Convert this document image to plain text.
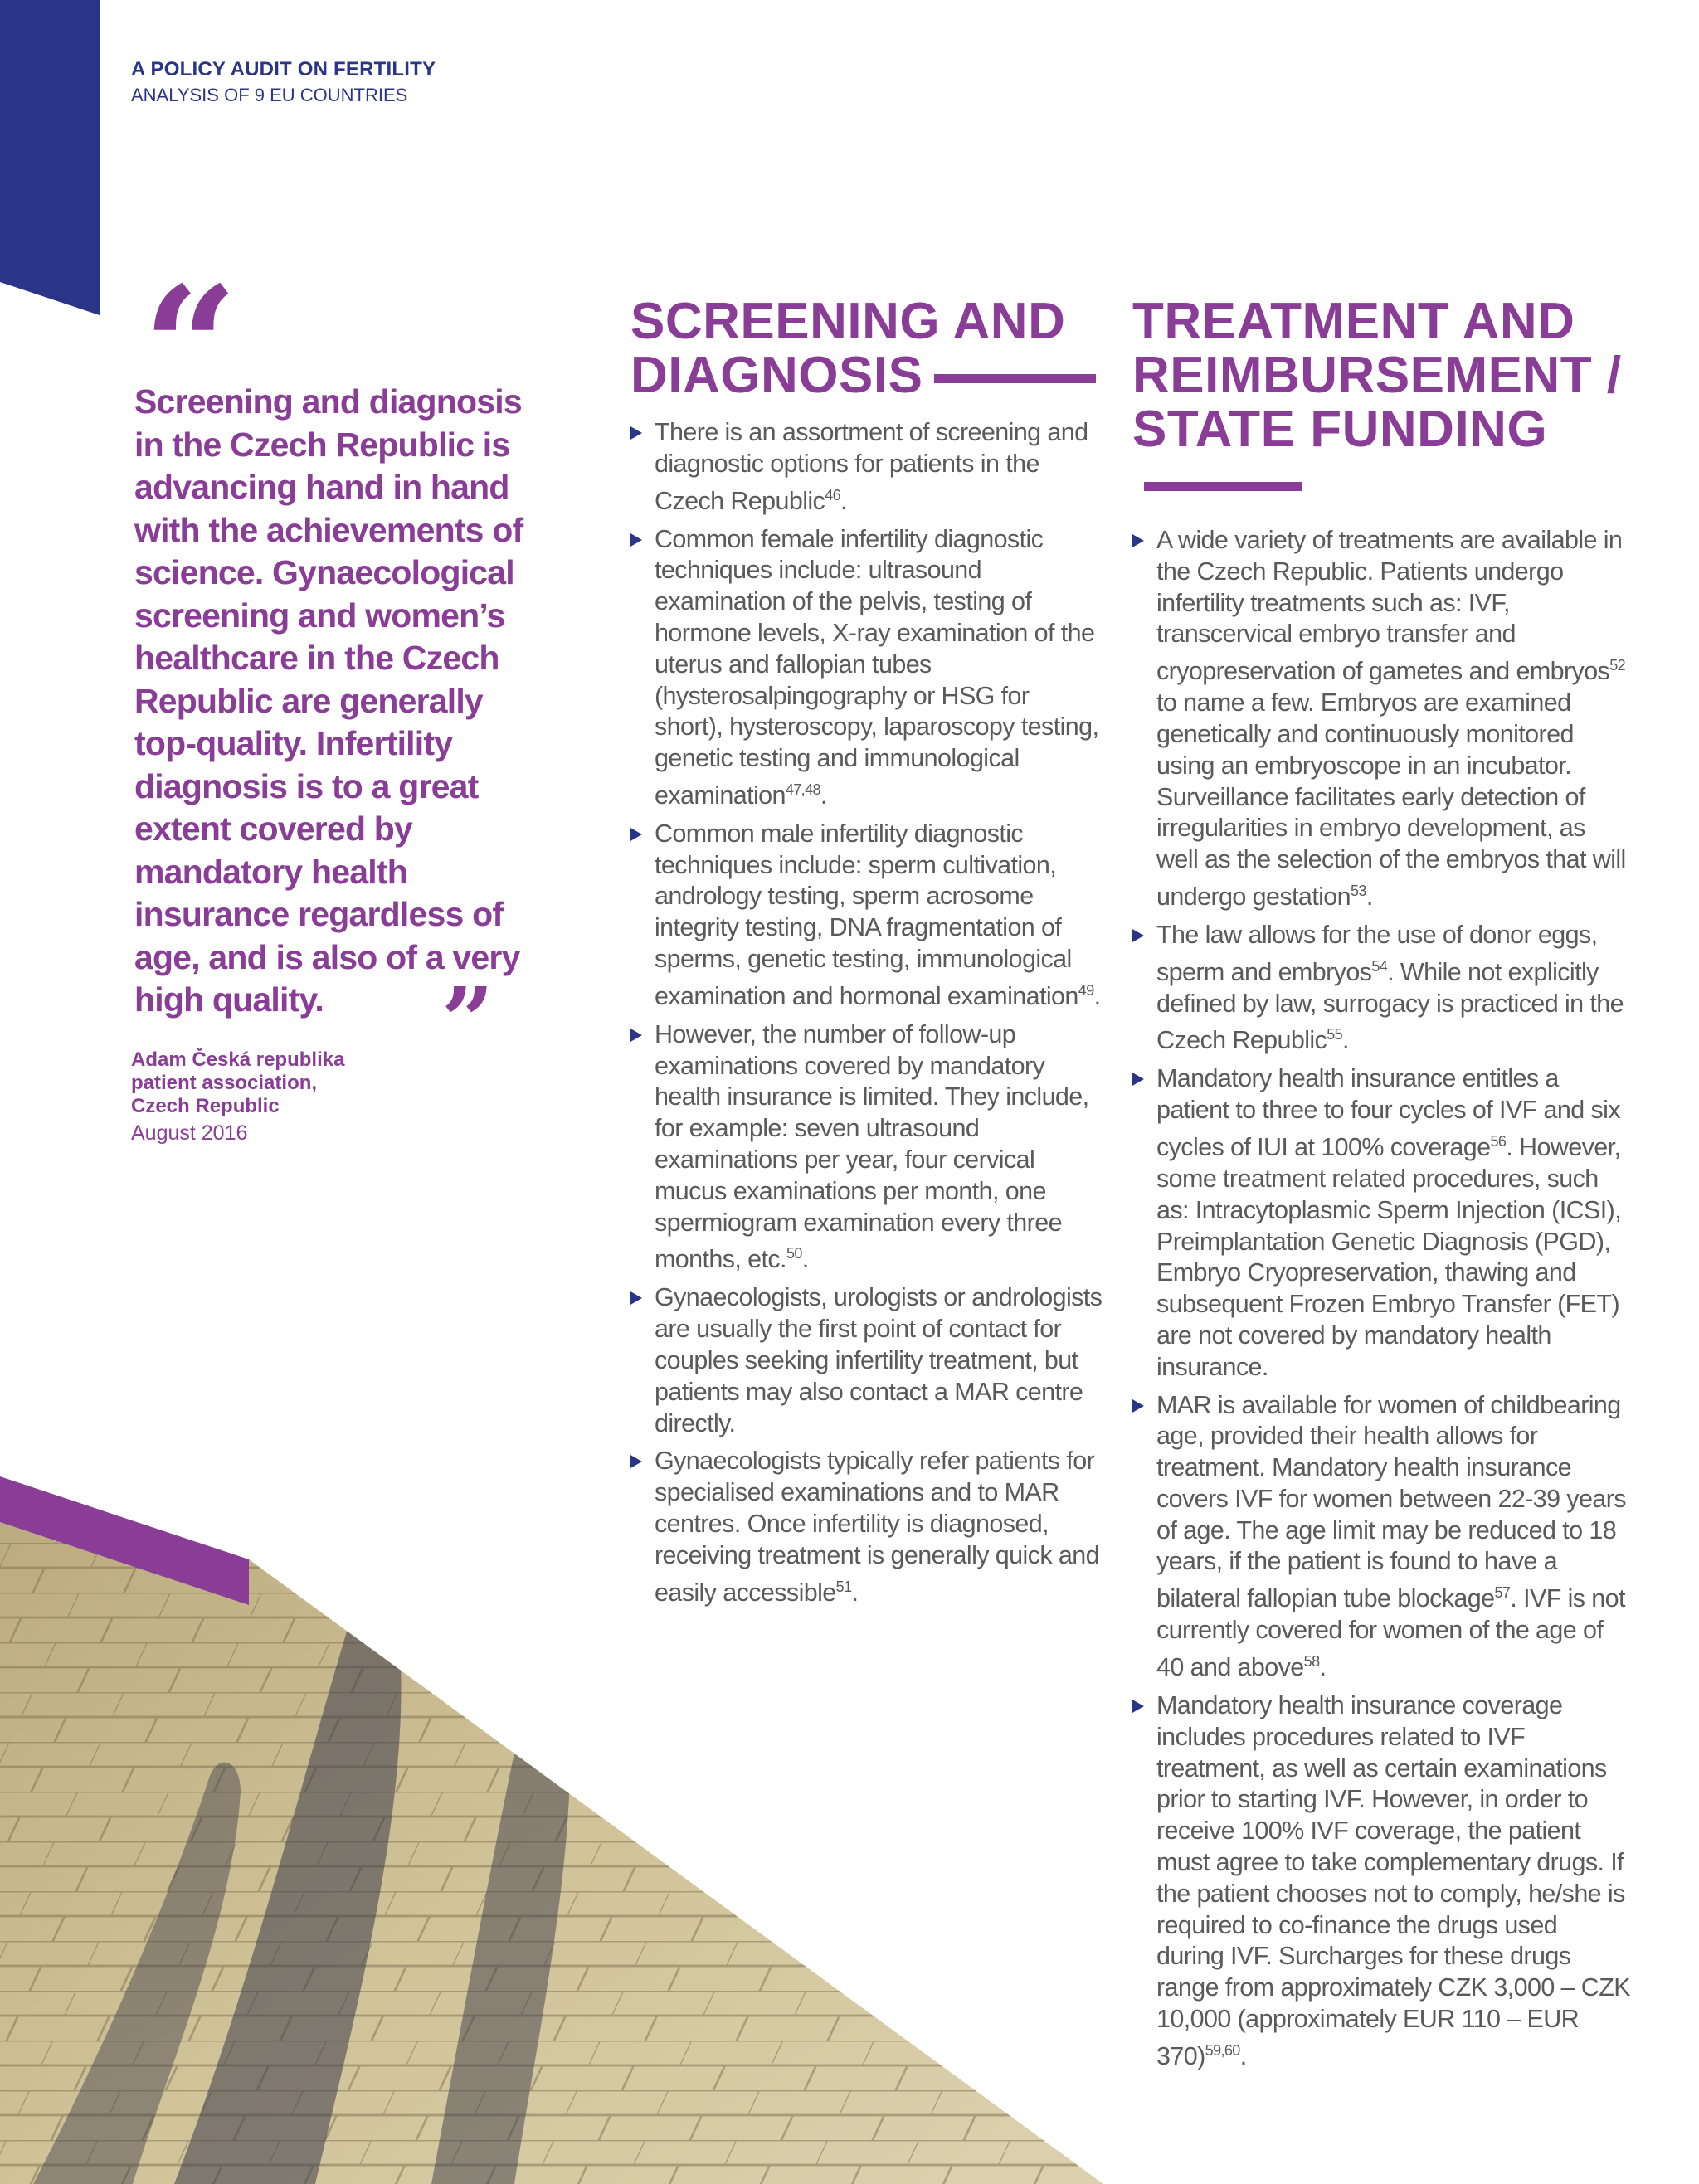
A POLICY AUDIT ON FERTILITY
ANALYSIS OF 9 EU COUNTRIES
“
Screening and diagnosis in the Czech Republic is advancing hand in hand with the achievements of science. Gynaecological screening and women’s healthcare in the Czech Republic are generally top-quality. Infertility diagnosis is to a great extent covered by mandatory health insurance regardless of age, and is also of a very high quality.	”
Adam Česká republika
patient association,
Czech Republic
August 2016
SCREENING AND
DIAGNOSIS
There is an assortment of screening and diagnostic options for patients in the Czech Republic$^{46}$.
Common female infertility diagnostic techniques include: ultrasound examination of the pelvis, testing of hormone levels, X-ray examination of the uterus and fallopian tubes (hysterosalpingography or HSG for short), hysteroscopy, laparoscopy testing, genetic testing and immunological examination$^{47,48}$.
Common male infertility diagnostic techniques include: sperm cultivation, andrology testing, sperm acrosome integrity testing, DNA fragmentation of sperms, genetic testing, immunological examination and hormonal examination$^{49}$.
However, the number of follow-up examinations covered by mandatory health insurance is limited. They include, for example: seven ultrasound examinations per year, four cervical mucus examinations per month, one spermiogram examination every three months, etc.$^{50}$.
Gynaecologists, urologists or andrologists are usually the first point of contact for couples seeking infertility treatment, but patients may also contact a MAR centre directly.
Gynaecologists typically refer patients for specialised examinations and to MAR centres. Once infertility is diagnosed, receiving treatment is generally quick and easily accessible$^{51}$.
TREATMENT AND
REIMBURSEMENT /
STATE FUNDING
A wide variety of treatments are available in the Czech Republic. Patients undergo infertility treatments such as: IVF, transcervical embryo transfer and cryopreservation of gametes and embryos$^{52}$ to name a few. Embryos are examined genetically and continuously monitored using an embryoscope in an incubator. Surveillance facilitates early detection of irregularities in embryo development, as well as the selection of the embryos that will undergo gestation$^{53}$.
The law allows for the use of donor eggs, sperm and embryos$^{54}$. While not explicitly defined by law, surrogacy is practiced in the Czech Republic$^{55}$.
Mandatory health insurance entitles a patient to three to four cycles of IVF and six cycles of IUI at 100% coverage$^{56}$. However, some treatment related procedures, such as: Intracytoplasmic Sperm Injection (ICSI), Preimplantation Genetic Diagnosis (PGD), Embryo Cryopreservation, thawing and subsequent Frozen Embryo Transfer (FET) are not covered by mandatory health insurance.
MAR is available for women of childbearing age, provided their health allows for treatment. Mandatory health insurance covers IVF for women between 22-39 years of age. The age limit may be reduced to 18 years, if the patient is found to have a bilateral fallopian tube blockage$^{57}$. IVF is not currently covered for women of the age of 40 and above$^{58}$.
Mandatory health insurance coverage includes procedures related to IVF treatment, as well as certain examinations prior to starting IVF. However, in order to receive 100% IVF coverage, the patient must agree to take complementary drugs. If the patient chooses not to comply, he/she is required to co-finance the drugs used during IVF. Surcharges for these drugs range from approximately CZK 3,000 – CZK 10,000 (approximately EUR 110 – EUR 370)$^{59,60}$.
